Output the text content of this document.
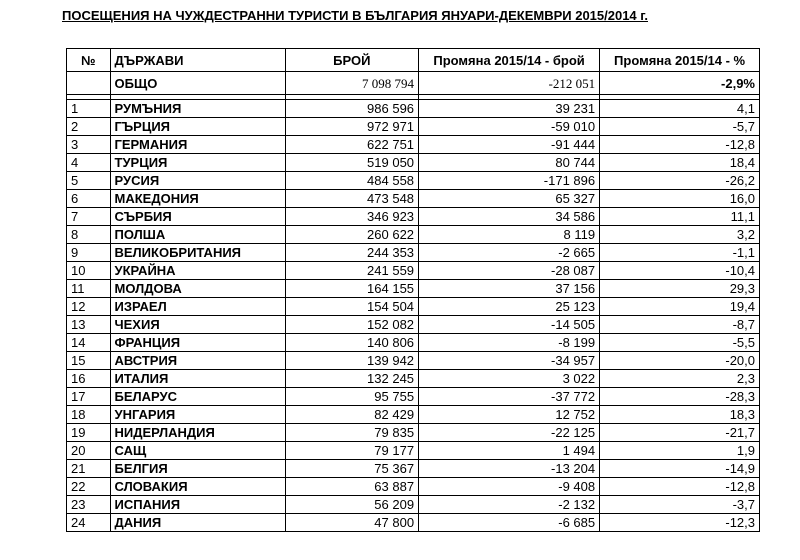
ПОСЕЩЕНИЯ НА ЧУЖДЕСТРАННИ ТУРИСТИ В БЪЛГАРИЯ ЯНУАРИ-ДЕКЕМВРИ 2015/2014 г.
№	ДЪРЖАВИ	БРОЙ	Промяна 2015/14 - брой	Промяна 2015/14 - %
	ОБЩО	7 098 794	-212 051	-2,9%

1	РУМЪНИЯ	986 596	39 231	4,1
2	ГЪРЦИЯ	972 971	-59 010	-5,7
3	ГЕРМАНИЯ	622 751	-91 444	-12,8
4	ТУРЦИЯ	519 050	80 744	18,4
5	РУСИЯ	484 558	-171 896	-26,2
6	МАКЕДОНИЯ	473 548	65 327	16,0
7	СЪРБИЯ	346 923	34 586	11,1
8	ПОЛША	260 622	8 119	3,2
9	ВЕЛИКОБРИТАНИЯ	244 353	-2 665	-1,1
10	УКРАЙНА	241 559	-28 087	-10,4
11	МОЛДОВА	164 155	37 156	29,3
12	ИЗРАЕЛ	154 504	25 123	19,4
13	ЧЕХИЯ	152 082	-14 505	-8,7
14	ФРАНЦИЯ	140 806	-8 199	-5,5
15	АВСТРИЯ	139 942	-34 957	-20,0
16	ИТАЛИЯ	132 245	3 022	2,3
17	БЕЛАРУС	95 755	-37 772	-28,3
18	УНГАРИЯ	82 429	12 752	18,3
19	НИДЕРЛАНДИЯ	79 835	-22 125	-21,7
20	САЩ	79 177	1 494	1,9
21	БЕЛГИЯ	75 367	-13 204	-14,9
22	СЛОВАКИЯ	63 887	-9 408	-12,8
23	ИСПАНИЯ	56 209	-2 132	-3,7
24	ДАНИЯ	47 800	-6 685	-12,3
